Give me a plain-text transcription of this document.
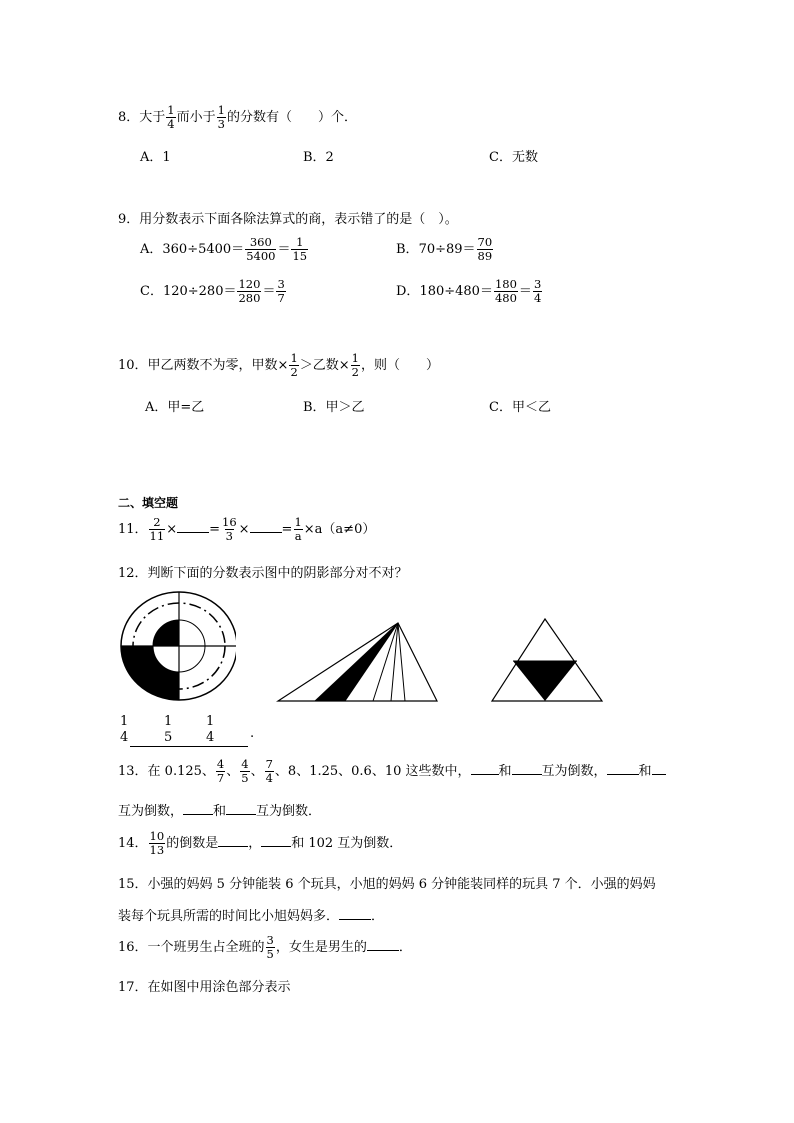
8．大于 $\frac{1}{4}$ 而小于 $\frac{1}{3}$ 的分数有（　　）个．
A．1	B．2	C．无数
9．用分数表示下面各除法算式的商，表示错了的是（　）。
A．$360\div 5400= \frac{360}{5400} = \frac{1}{15}$	B．$70\div 89= \frac{70}{89}$
C．$120\div 280= \frac{120}{280} = \frac{3}{7}$	D．$180\div 480= \frac{180}{480} = \frac{3}{4}$
10．甲乙两数不为零，甲数× $\frac{1}{2}$ ＞乙数× $\frac{1}{2}$ ，则（　　）
A．甲=乙	B．甲＞乙	C．甲＜乙
二、填空题
11． $\frac{2}{11}$ × = $\frac{16}{3}$ × = $\frac{1}{a} \times a(a\ne 0)$
12．判断下面的分数表示图中的阴影部分对不对？
1
4
1
5
1
4	.
13．在 0.125、 $\frac{4}{7}$ 、 $\frac{4}{5}$ 、 $\frac{7}{4}$ 、8、1.25、0.6、10 这些数中， 和 互为倒数， 和
互为倒数， 和 互为倒数．
14． $\frac{10}{13}$ 的倒数是 ， 和 102 互为倒数．
15．小强的妈妈 5 分钟能装 6 个玩具，小旭的妈妈 6 分钟能装同样的玩具 7 个．小强的妈妈
装每个玩具所需的时间比小旭妈妈多． ．
16．一个班男生占全班的 $\frac{3}{5}$ ，女生是男生的 ．
17．在如图中用涂色部分表示
